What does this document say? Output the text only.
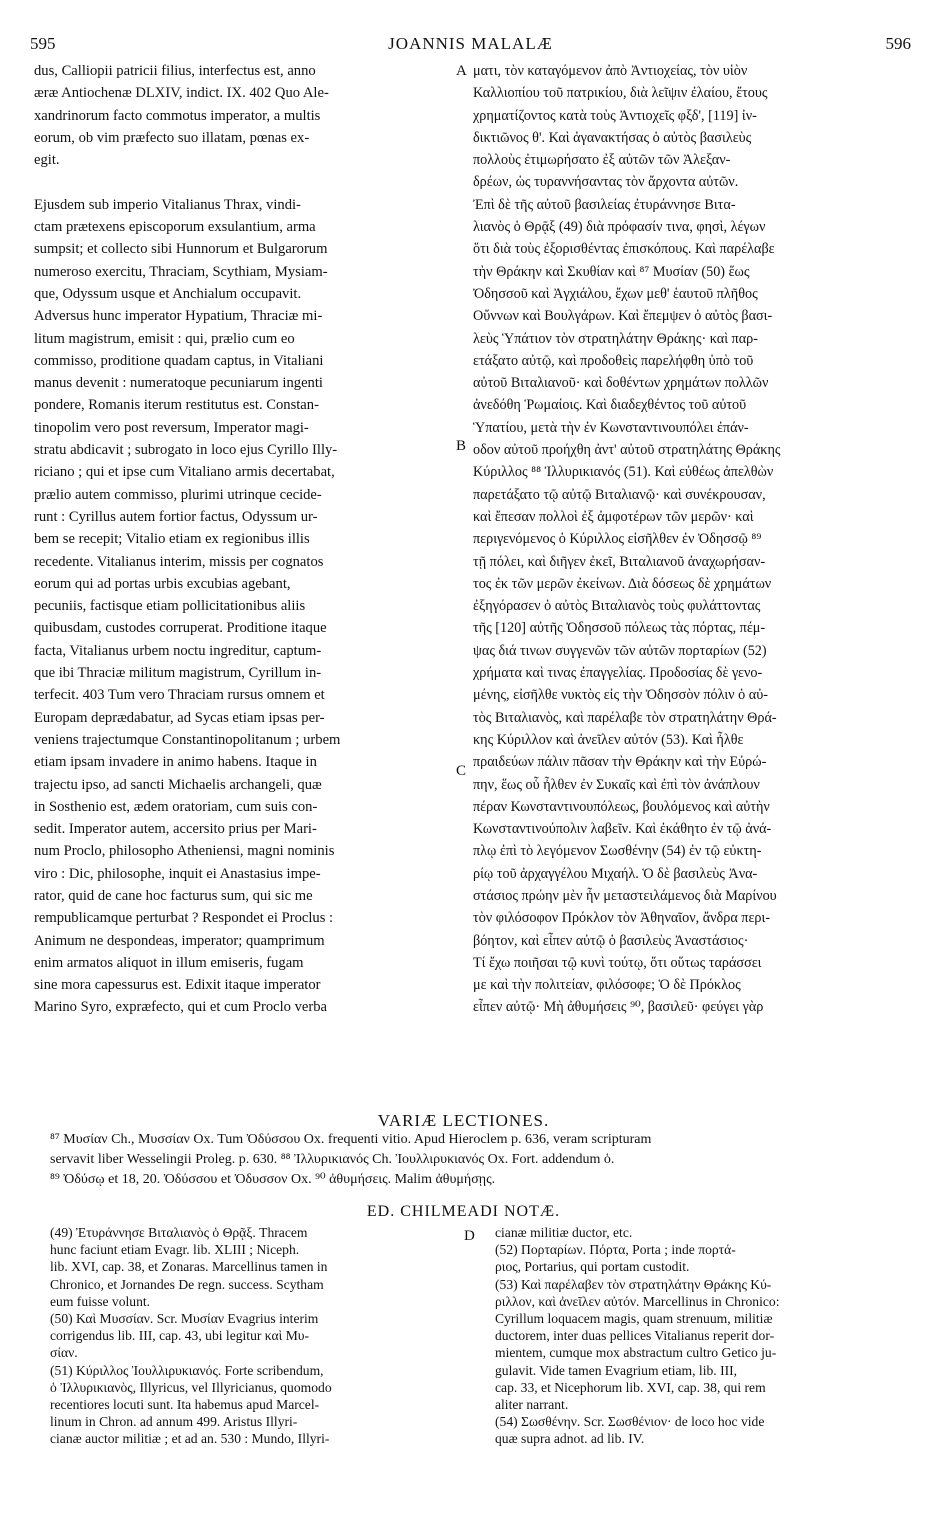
595	JOANNIS MALALÆ	596
dus, Calliopii patricii filius, interfectus est, anno
æræ Antiochenæ DLXIV, indict. IX. 402 Quo Ale-
xandrinorum facto commotus imperator, a multis
eorum, ob vim præfecto suo illatam, pœnas ex-
egit.

Ejusdem sub imperio Vitalianus Thrax, vindi-
ctam prætexens episcoporum exsulantium, arma
sumpsit; et collecto sibi Hunnorum et Bulgarorum
numeroso exercitu, Thraciam, Scythiam, Mysiam-
que, Odyssum usque et Anchialum occupavit.
Adversus hunc imperator Hypatium, Thraciæ mi-
litum magistrum, emisit : qui, prælio cum eo
commisso, proditione quadam captus, in Vitaliani
manus devenit : numeratoque pecuniarum ingenti
pondere, Romanis iterum restitutus est. Constan-
tinopolim vero post reversum, Imperator magi-
stratu abdicavit ; subrogato in loco ejus Cyrillo Illy-
riciano ; qui et ipse cum Vitaliano armis decertabat,
prælio autem commisso, plurimi utrinque cecide-
runt : Cyrillus autem fortior factus, Odyssum ur-
bem se recepit; Vitalio etiam ex regionibus illis
recedente. Vitalianus interim, missis per cognatos
eorum qui ad portas urbis excubias agebant,
pecuniis, factisque etiam pollicitationibus aliis
quibusdam, custodes corruperat. Proditione itaque
facta, Vitalianus urbem noctu ingreditur, captum-
que ibi Thraciæ militum magistrum, Cyrillum in-
terfecit. 403 Tum vero Thraciam rursus omnem et
Europam deprædabatur, ad Sycas etiam ipsas per-
veniens trajectumque Constantinopolitanum ; urbem
etiam ipsam invadere in animo habens. Itaque in
trajectu ipso, ad sancti Michaelis archangeli, quæ
in Sosthenio est, ædem oratoriam, cum suis con-
sedit. Imperator autem, accersito prius per Mari-
num Proclo, philosopho Atheniensi, magni nominis
viro : Dic, philosophe, inquit ei Anastasius impe-
rator, quid de cane hoc facturus sum, qui sic me
rempublicamque perturbat ? Respondet ei Proclus :
Animum ne despondeas, imperator; quamprimum
enim armatos aliquot in illum emiseris, fugam
sine mora capessurus est. Edixit itaque imperator
Marino Syro, expræfecto, qui et cum Proclo verba
ματι, τὸν καταγόμενον ἀπὸ Ἀντιοχείας, τὸν υἱὸν
Καλλιοπίου τοῦ πατρικίου, διὰ λεῖψιν ἐλαίου, ἔτους
χρηματίζοντος κατὰ τοὺς Ἀντιοχεῖς φξδ', [119] ἰν-
δικτιῶνος θ'. Καὶ ἀγανακτήσας ὁ αὐτὸς βασιλεὺς
πολλοὺς ἐτιμωρήσατο ἐξ αὐτῶν τῶν Ἀλεξαν-
δρέων, ὡς τυραννήσαντας τὸν ἄρχοντα αὐτῶν.
Ἐπὶ δὲ τῆς αὐτοῦ βασιλείας ἐτυράννησε Βιτα-
λιανὸς ὁ Θρᾷξ (49) διὰ πρόφασίν τινα, φησὶ, λέγων
ὅτι διὰ τοὺς ἐξορισθέντας ἐπισκόπους. Καὶ παρέλαβε
τὴν Θράκην καὶ Σκυθίαν καὶ ⁸⁷ Μυσίαν (50) ἕως
Ὀδησσοῦ καὶ Ἀγχιάλου, ἔχων μεθ' ἑαυτοῦ πλῆθος
Οὔννων καὶ Βουλγάρων. Καὶ ἔπεμψεν ὁ αὐτὸς βασι-
λεὺς Ὑπάτιον τὸν στρατηλάτην Θράκης· καὶ παρ-
ετάξατο αὐτῷ, καὶ προδοθεὶς παρελήφθη ὑπὸ τοῦ
αὐτοῦ Βιταλιανοῦ· καὶ δοθέντων χρημάτων πολλῶν
ἀνεδόθη Ῥωμαίοις. Καὶ διαδεχθέντος τοῦ αὐτοῦ
Ὑπατίου, μετὰ τὴν ἐν Κωνσταντινουπόλει ἐπάν-
οδον αὐτοῦ προήχθη ἀντ' αὐτοῦ στρατηλάτης Θράκης
Κύριλλος ⁸⁸ Ἰλλυρικιανός (51). Καὶ εὐθέως ἀπελθὼν
παρετάξατο τῷ αὐτῷ Βιταλιανῷ· καὶ συνέκρουσαν,
καὶ ἔπεσαν πολλοὶ ἐξ ἀμφοτέρων τῶν μερῶν· καὶ
περιγενόμενος ὁ Κύριλλος εἰσῆλθεν ἐν Ὀδησσῷ ⁸⁹
τῇ πόλει, καὶ διῆγεν ἐκεῖ, Βιταλιανοῦ ἀναχωρήσαν-
τος ἐκ τῶν μερῶν ἐκείνων. Διὰ δόσεως δὲ χρημάτων
ἐξηγόρασεν ὁ αὐτὸς Βιταλιανὸς τοὺς φυλάττοντας
τῆς [120] αὐτῆς Ὀδησσοῦ πόλεως τὰς πόρτας, πέμ-
ψας διά τινων συγγενῶν τῶν αὐτῶν πορταρίων (52)
χρήματα καὶ τινας ἐπαγγελίας. Προδοσίας δὲ γενο-
μένης, εἰσῆλθε νυκτὸς εἰς τὴν Ὀδησσὸν πόλιν ὁ αὐ-
τὸς Βιταλιανὸς, καὶ παρέλαβε τὸν στρατηλάτην Θρά-
κης Κύριλλον καὶ ἀνεῖλεν αὐτόν (53). Καὶ ἦλθε
πραιδεύων πάλιν πᾶσαν τὴν Θράκην καὶ τὴν Εὐρώ-
πην, ἕως οὗ ἦλθεν ἐν Συκαῖς καὶ ἐπὶ τὸν ἀνάπλουν
πέραν Κωνσταντινουπόλεως, βουλόμενος καὶ αὐτὴν
Κωνσταντινούπολιν λαβεῖν. Καὶ ἐκάθητο ἐν τῷ ἀνά-
πλῳ ἐπὶ τὸ λεγόμενον Σωσθένην (54) ἐν τῷ εὐκτη-
ρίῳ τοῦ ἀρχαγγέλου Μιχαήλ. Ὁ δὲ βασιλεὺς Ἀνα-
στάσιος πρώην μὲν ἦν μεταστειλάμενος διὰ Μαρίνου
τὸν φιλόσοφον Πρόκλον τὸν Ἀθηναῖον, ἄνδρα περι-
βόητον, καὶ εἶπεν αὐτῷ ὁ βασιλεὺς Ἀναστάσιος·
Τί ἔχω ποιῆσαι τῷ κυνὶ τούτῳ, ὅτι οὕτως ταράσσει
με καὶ τὴν πολιτείαν, φιλόσοφε; Ὁ δὲ Πρόκλος
εἶπεν αὐτῷ· Μὴ ἀθυμήσεις ⁹⁰, βασιλεῦ· φεύγει γὰρ
A
B
C
D
VARIÆ LECTIONES.
⁸⁷ Μυσίαν Ch., Μυσσίαν Ox. Tum Ὀδύσσου Ox. frequenti vitio. Apud Hieroclem p. 636, veram scripturam
servavit liber Wesselingii Proleg. p. 630. ⁸⁸ Ἰλλυρικιανός Ch. Ἰουλλιρυκιανός Ox. Fort. addendum ὁ.
⁸⁹ Ὀδύσῳ et 18, 20. Ὀδύσσου et Ὀδυσσον Ox. ⁹⁰ ἀθυμήσεις. Malim ἀθυμήσῃς.
ED. CHILMEADI NOTÆ.
(49) Ἐτυράννησε Βιταλιανὸς ὁ Θρᾷξ. Thracem
hunc faciunt etiam Evagr. lib. XLIII ; Niceph.
lib. XVI, cap. 38, et Zonaras. Marcellinus tamen in
Chronico, et Jornandes De regn. success. Scytham
eum fuisse volunt.
(50) Καὶ Μυσσίαν. Scr. Μυσίαν Evagrius interim
corrigendus lib. III, cap. 43, ubi legitur καὶ Μυ-
σίαν.
(51) Κύριλλος Ἰουλλιρυκιανός. Forte scribendum,
ὁ Ἰλλυρικιανὸς, Illyricus, vel Illyricianus, quomodo
recentiores locuti sunt. Ita habemus apud Marcel-
linum in Chron. ad annum 499. Aristus Illyri-
cianæ auctor militiæ ; et ad an. 530 : Mundo, Illyri-
cianæ militiæ ductor, etc.
(52) Πορταρίων. Πόρτα, Porta ; inde πορτά-
ριος, Portarius, qui portam custodit.
(53) Καὶ παρέλαβεν τὸν στρατηλάτην Θράκης Κύ-
ριλλον, καὶ ἀνεῖλεν αὐτόν. Marcellinus in Chronico:
Cyrillum loquacem magis, quam strenuum, militiæ
ductorem, inter duas pellices Vitalianus reperit dor-
mientem, cumque mox abstractum cultro Getico ju-
gulavit. Vide tamen Evagrium etiam, lib. III,
cap. 33, et Nicephorum lib. XVI, cap. 38, qui rem
aliter narrant.
(54) Σωσθένην. Scr. Σωσθένιον· de loco hoc vide
quæ supra adnot. ad lib. IV.
